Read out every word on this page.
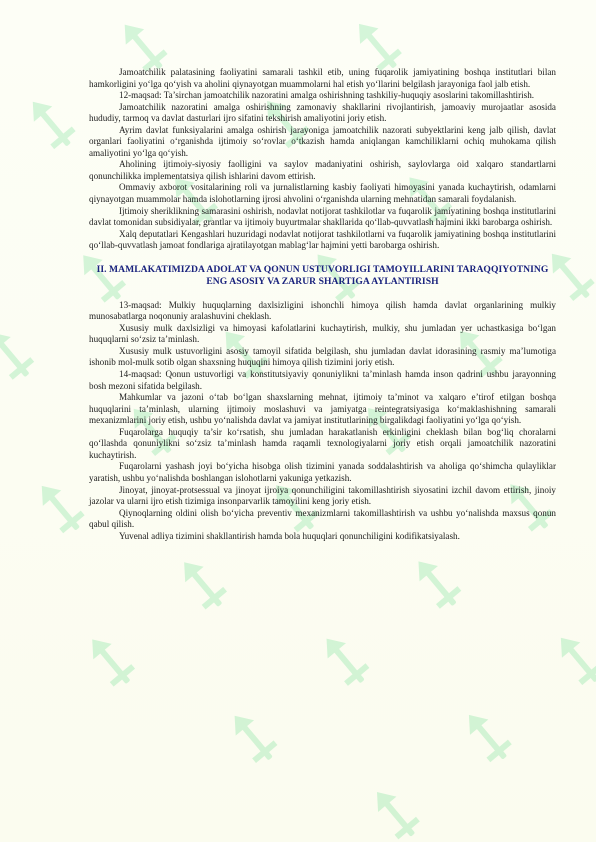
Jamoatchilik palatasining faoliyatini samarali tashkil etib, uning fuqarolik jamiyatining boshqa institutlari bilan hamkorligini yo‘lga qo‘yish va aholini qiynayotgan muammolarni hal etish yo‘llarini belgilash jarayoniga faol jalb etish.

12-maqsad: Ta’sirchan jamoatchilik nazoratini amalga oshirishning tashkiliy-huquqiy asoslarini takomillashtirish.

Jamoatchilik nazoratini amalga oshirishning zamonaviy shakllarini rivojlantirish, jamoaviy murojaatlar asosida hududiy, tarmoq va davlat dasturlari ijro sifatini tekshirish amaliyotini joriy etish.

Ayrim davlat funksiyalarini amalga oshirish jarayoniga jamoatchilik nazorati subyektlarini keng jalb qilish, davlat organlari faoliyatini o‘rganishda ijtimoiy so‘rovlar o‘tkazish hamda aniqlangan kamchiliklarni ochiq muhokama qilish amaliyotini yo‘lga qo‘yish.

Aholining ijtimoiy-siyosiy faolligini va saylov madaniyatini oshirish, saylovlarga oid xalqaro standartlarni qonunchilikka implementatsiya qilish ishlarini davom ettirish.

Ommaviy axborot vositalarining roli va jurnalistlarning kasbiy faoliyati himoyasini yanada kuchaytirish, odamlarni qiynayotgan muammolar hamda islohotlarning ijrosi ahvolini o‘rganishda ularning mehnatidan samarali foydalanish.

Ijtimoiy sheriklikning samarasini oshirish, nodavlat notijorat tashkilotlar va fuqarolik jamiyatining boshqa institutlarini davlat tomonidan subsidiyalar, grantlar va ijtimoiy buyurtmalar shakllarida qo‘llab-quvvatlash hajmini ikki barobarga oshirish.

Xalq deputatlari Kengashlari huzuridagi nodavlat notijorat tashkilotlarni va fuqarolik jamiyatining boshqa institutlarini qo‘llab-quvvatlash jamoat fondlariga ajratilayotgan mablag‘lar hajmini yetti barobarga oshirish.

II. MAMLAKATIMIZDA ADOLAT VA QONUN USTUVORLIGI TAMOYILLARINI TARAQQIYOTNING ENG ASOSIY VA ZARUR SHARTIGA AYLANTIRISH

13-maqsad: Mulkiy huquqlarning daxlsizligini ishonchli himoya qilish hamda davlat organlarining mulkiy munosabatlarga noqonuniy aralashuvini cheklash.

Xususiy mulk daxlsizligi va himoyasi kafolatlarini kuchaytirish, mulkiy, shu jumladan yer uchastkasiga bo‘lgan huquqlarni so‘zsiz ta’minlash.

Xususiy mulk ustuvorligini asosiy tamoyil sifatida belgilash, shu jumladan davlat idorasining rasmiy ma’lumotiga ishonib mol-mulk sotib olgan shaxsning huquqini himoya qilish tizimini joriy etish.

14-maqsad: Qonun ustuvorligi va konstitutsiyaviy qonuniylikni ta’minlash hamda inson qadrini ushbu jarayonning bosh mezoni sifatida belgilash.

Mahkumlar va jazoni o‘tab bo‘lgan shaxslarning mehnat, ijtimoiy ta’minot va xalqaro e’tirof etilgan boshqa huquqlarini ta’minlash, ularning ijtimoiy moslashuvi va jamiyatga reintegratsiyasiga ko‘maklashishning samarali mexanizmlarini joriy etish, ushbu yo‘nalishda davlat va jamiyat institutlarining birgalikdagi faoliyatini yo‘lga qo‘yish.

Fuqarolarga huquqiy ta’sir ko‘rsatish, shu jumladan harakatlanish erkinligini cheklash bilan bog‘liq choralarni qo‘llashda qonuniylikni so‘zsiz ta’minlash hamda raqamli texnologiyalarni joriy etish orqali jamoatchilik nazoratini kuchaytirish.

Fuqarolarni yashash joyi bo‘yicha hisobga olish tizimini yanada soddalashtirish va aholiga qo‘shimcha qulayliklar yaratish, ushbu yo‘nalishda boshlangan islohotlarni yakuniga yetkazish.

Jinoyat, jinoyat-protsessual va jinoyat ijroiya qonunchiligini takomillashtirish siyosatini izchil davom ettirish, jinoiy jazolar va ularni ijro etish tizimiga insonparvarlik tamoyilini keng joriy etish.

Qiynoqlarning oldini olish bo‘yicha preventiv mexanizmlarni takomillashtirish va ushbu yo‘nalishda maxsus qonun qabul qilish.

Yuvenal adliya tizimini shakllantirish hamda bola huquqlari qonunchiligini kodifikatsiyalash.
